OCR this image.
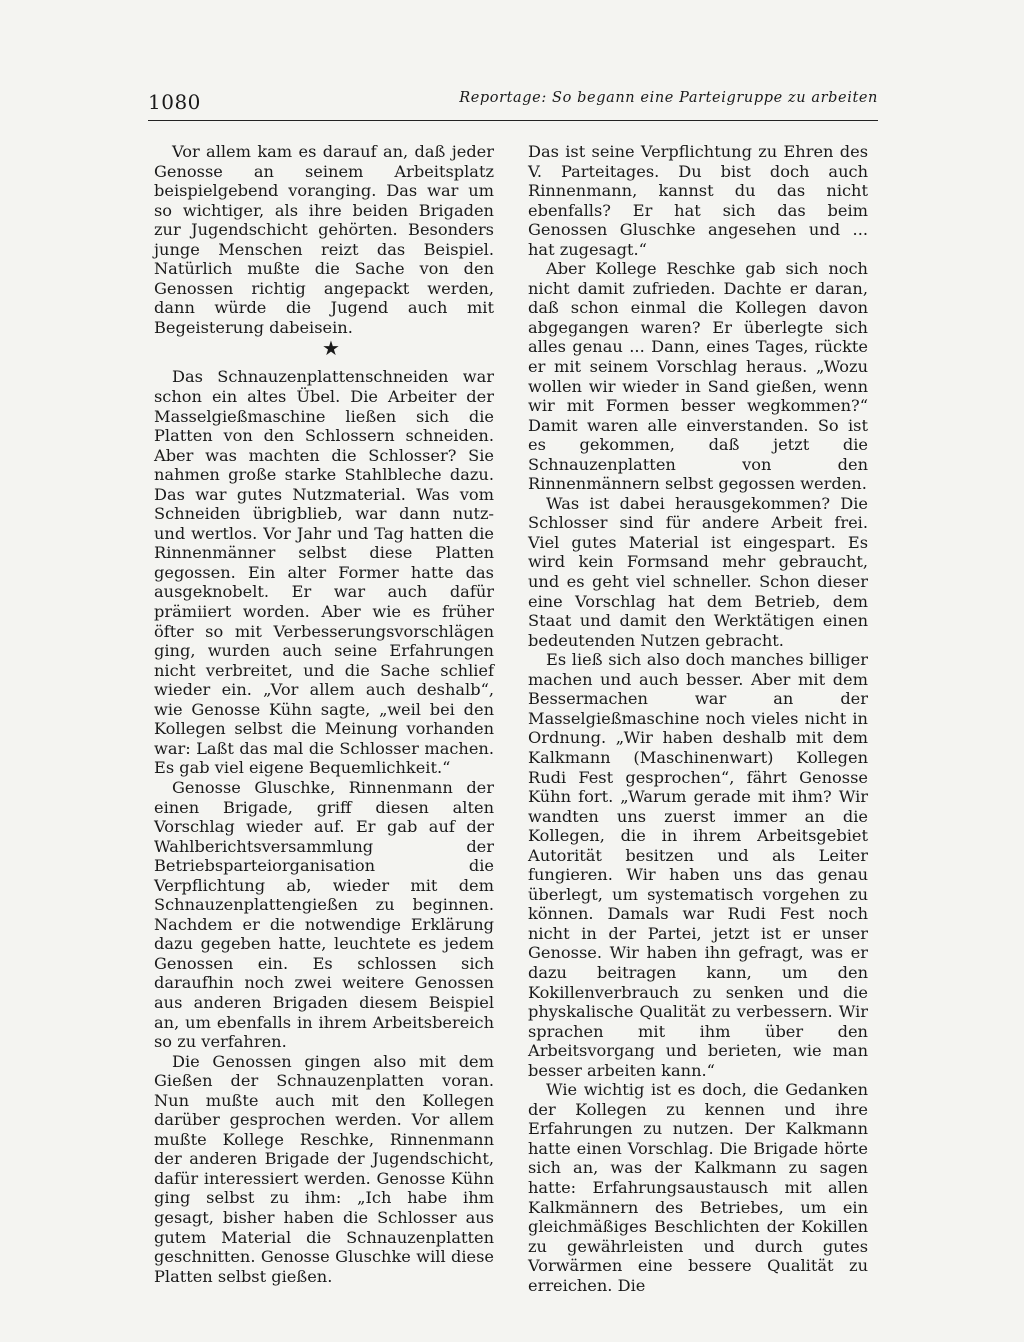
1080	Reportage: So begann eine Parteigruppe zu arbeiten

Vor allem kam es darauf an, daß jeder Genosse an seinem Arbeitsplatz beispielgebend voranging. Das war um so wichtiger, als ihre beiden Brigaden zur Jugendschicht gehörten. Besonders junge Menschen reizt das Beispiel. Natürlich mußte die Sache von den Genossen richtig angepackt werden, dann würde die Jugend auch mit Begeisterung dabeisein.

★

Das Schnauzenplattenschneiden war schon ein altes Übel. Die Arbeiter der Masselgießmaschine ließen sich die Platten von den Schlossern schneiden. Aber was machten die Schlosser? Sie nahmen große starke Stahlbleche dazu. Das war gutes Nutzmaterial. Was vom Schneiden übrigblieb, war dann nutz- und wertlos. Vor Jahr und Tag hatten die Rinnenmänner selbst diese Platten gegossen. Ein alter Former hatte das ausgeknobelt. Er war auch dafür prämiiert worden. Aber wie es früher öfter so mit Verbesserungsvorschlägen ging, wurden auch seine Erfahrungen nicht verbreitet, und die Sache schlief wieder ein. „Vor allem auch deshalb“, wie Genosse Kühn sagte, „weil bei den Kollegen selbst die Meinung vorhanden war: Laßt das mal die Schlosser machen. Es gab viel eigene Bequemlichkeit.“

Genosse Gluschke, Rinnenmann der einen Brigade, griff diesen alten Vorschlag wieder auf. Er gab auf der Wahlberichtsversammlung der Betriebsparteiorganisation die Verpflichtung ab, wieder mit dem Schnauzenplattengießen zu beginnen. Nachdem er die notwendige Erklärung dazu gegeben hatte, leuchtete es jedem Genossen ein. Es schlossen sich daraufhin noch zwei weitere Genossen aus anderen Brigaden diesem Beispiel an, um ebenfalls in ihrem Arbeitsbereich so zu verfahren.

Die Genossen gingen also mit dem Gießen der Schnauzenplatten voran. Nun mußte auch mit den Kollegen darüber gesprochen werden. Vor allem mußte Kollege Reschke, Rinnenmann der anderen Brigade der Jugendschicht, dafür interessiert werden. Genosse Kühn ging selbst zu ihm: „Ich habe ihm gesagt, bisher haben die Schlosser aus gutem Material die Schnauzenplatten geschnitten. Genosse Gluschke will diese Platten selbst gießen.

Das ist seine Verpflichtung zu Ehren des V. Parteitages. Du bist doch auch Rinnenmann, kannst du das nicht ebenfalls? Er hat sich das beim Genossen Gluschke angesehen und ... hat zugesagt.“

Aber Kollege Reschke gab sich noch nicht damit zufrieden. Dachte er daran, daß schon einmal die Kollegen davon abgegangen waren? Er überlegte sich alles genau ... Dann, eines Tages, rückte er mit seinem Vorschlag heraus. „Wozu wollen wir wieder in Sand gießen, wenn wir mit Formen besser wegkommen?“ Damit waren alle einverstanden. So ist es gekommen, daß jetzt die Schnauzenplatten von den Rinnenmännern selbst gegossen werden.

Was ist dabei herausgekommen? Die Schlosser sind für andere Arbeit frei. Viel gutes Material ist eingespart. Es wird kein Formsand mehr gebraucht, und es geht viel schneller. Schon dieser eine Vorschlag hat dem Betrieb, dem Staat und damit den Werktätigen einen bedeutenden Nutzen gebracht.

Es ließ sich also doch manches billiger machen und auch besser. Aber mit dem Bessermachen war an der Masselgießmaschine noch vieles nicht in Ordnung. „Wir haben deshalb mit dem Kalkmann (Maschinenwart) Kollegen Rudi Fest gesprochen“, fährt Genosse Kühn fort. „Warum gerade mit ihm? Wir wandten uns zuerst immer an die Kollegen, die in ihrem Arbeitsgebiet Autorität besitzen und als Leiter fungieren. Wir haben uns das genau überlegt, um systematisch vorgehen zu können. Damals war Rudi Fest noch nicht in der Partei, jetzt ist er unser Genosse. Wir haben ihn gefragt, was er dazu beitragen kann, um den Kokillenverbrauch zu senken und die physkalische Qualität zu verbessern. Wir sprachen mit ihm über den Arbeitsvorgang und berieten, wie man besser arbeiten kann.“

Wie wichtig ist es doch, die Gedanken der Kollegen zu kennen und ihre Erfahrungen zu nutzen. Der Kalkmann hatte einen Vorschlag. Die Brigade hörte sich an, was der Kalkmann zu sagen hatte: Erfahrungsaustausch mit allen Kalkmännern des Betriebes, um ein gleichmäßiges Beschlichten der Kokillen zu gewährleisten und durch gutes Vorwärmen eine bessere Qualität zu erreichen. Die
